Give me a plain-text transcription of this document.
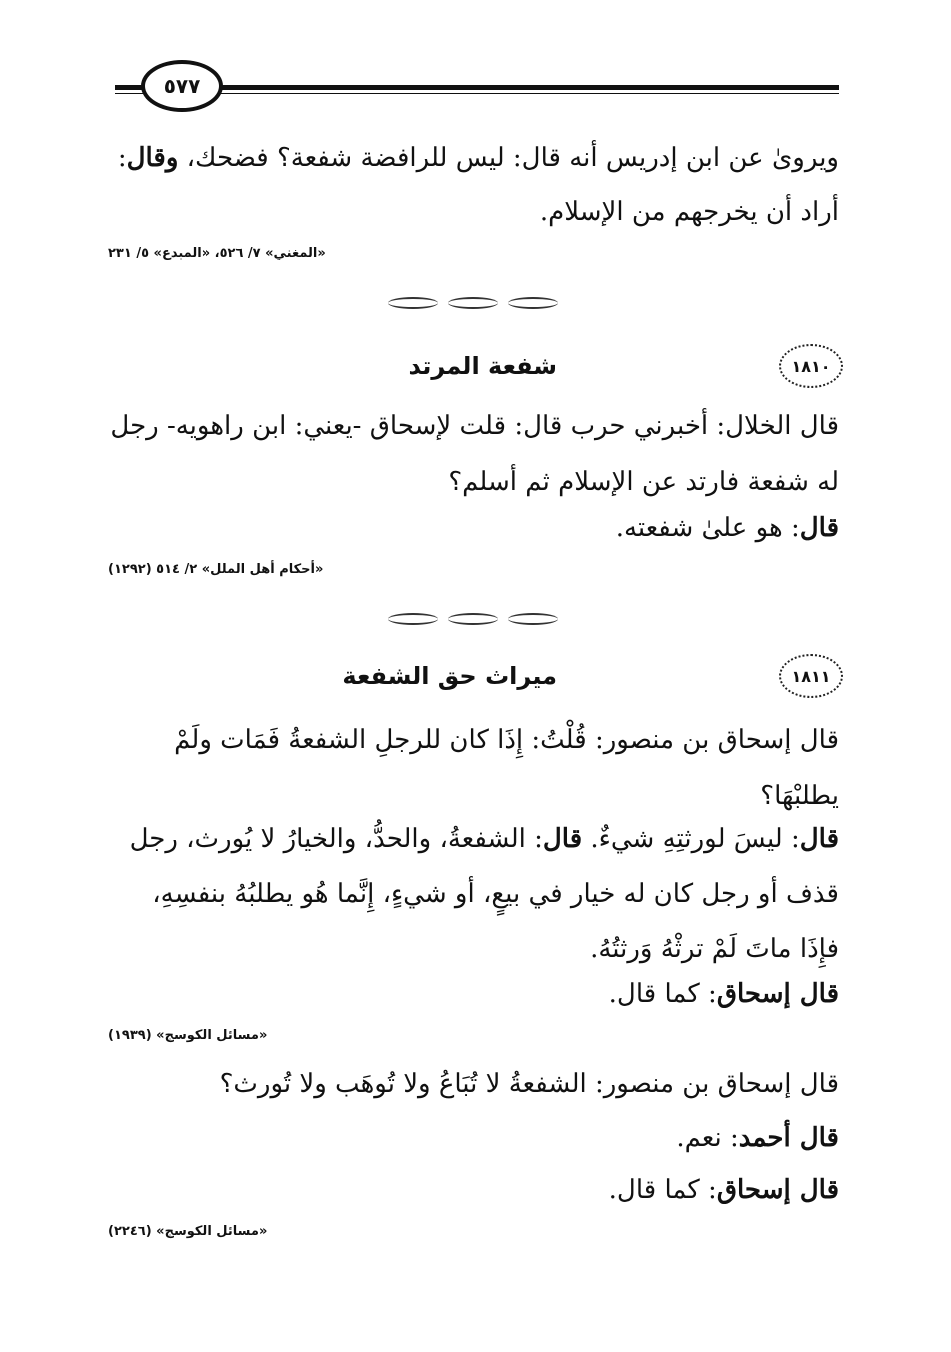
٥٧٧

ويروىٰ عن ابن إدريس أنه قال: ليس للرافضة شفعة؟ فضحك، وقال:

أراد أن يخرجهم من الإسلام.

«المغني» ٧/ ٥٢٦، «المبدع» ٥/ ٢٣١
١٨١٠
شفعة المرتد

قال الخلال: أخبرني حرب قال: قلت لإسحاق -يعني: ابن راهويه- رجل له شفعة فارتد عن الإسلام ثم أسلم؟

قال: هو علىٰ شفعته.

«أحكام أهل الملل» ٢/ ٥١٤ (١٢٩٢)
١٨١١
ميراث حق الشفعة

قال إسحاق بن منصور: قُلْتُ: إِذَا كان للرجلِ الشفعةُ فَمَات ولَمْ يطلبْهَا؟

قال: ليسَ لورثتِهِ شيءٌ. قال: الشفعةُ، والحدُّ، والخيارُ لا يُورث، رجل قذف أو رجل كان له خيار في بيعٍ، أو شيءٍ، إِنَّما هُو يطلبُهُ بنفسِهِ، فإِذَا ماتَ لَمْ ترثْهُ وَرثتُهُ.

قال إسحاق: كما قال.

«مسائل الكوسج» (١٩٣٩)

قال إسحاق بن منصور: الشفعةُ لا تُبَاعُ ولا تُوهَب ولا تُورث؟

قال أحمد: نعم.

قال إسحاق: كما قال.

«مسائل الكوسج» (٢٢٤٦)
